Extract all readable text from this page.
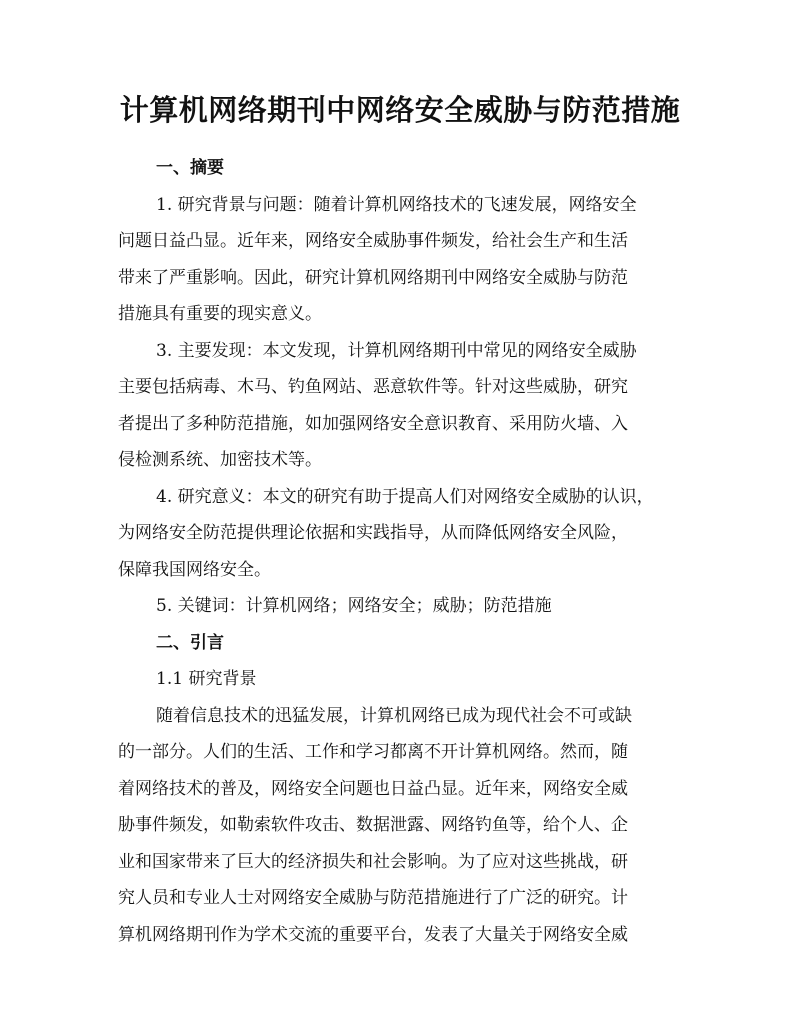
计算机网络期刊中网络安全威胁与防范措施
一、摘要
1. 研究背景与问题：随着计算机网络技术的飞速发展，网络安全
问题日益凸显。近年来，网络安全威胁事件频发，给社会生产和生活
带来了严重影响。因此，研究计算机网络期刊中网络安全威胁与防范
措施具有重要的现实意义。
3. 主要发现：本文发现，计算机网络期刊中常见的网络安全威胁
主要包括病毒、木马、钓鱼网站、恶意软件等。针对这些威胁，研究
者提出了多种防范措施，如加强网络安全意识教育、采用防火墙、入
侵检测系统、加密技术等。
4. 研究意义：本文的研究有助于提高人们对网络安全威胁的认识，
为网络安全防范提供理论依据和实践指导，从而降低网络安全风险，
保障我国网络安全。
5. 关键词：计算机网络；网络安全；威胁；防范措施
二、引言
1.1 研究背景
随着信息技术的迅猛发展，计算机网络已成为现代社会不可或缺
的一部分。人们的生活、工作和学习都离不开计算机网络。然而，随
着网络技术的普及，网络安全问题也日益凸显。近年来，网络安全威
胁事件频发，如勒索软件攻击、数据泄露、网络钓鱼等，给个人、企
业和国家带来了巨大的经济损失和社会影响。为了应对这些挑战，研
究人员和专业人士对网络安全威胁与防范措施进行了广泛的研究。计
算机网络期刊作为学术交流的重要平台，发表了大量关于网络安全威
